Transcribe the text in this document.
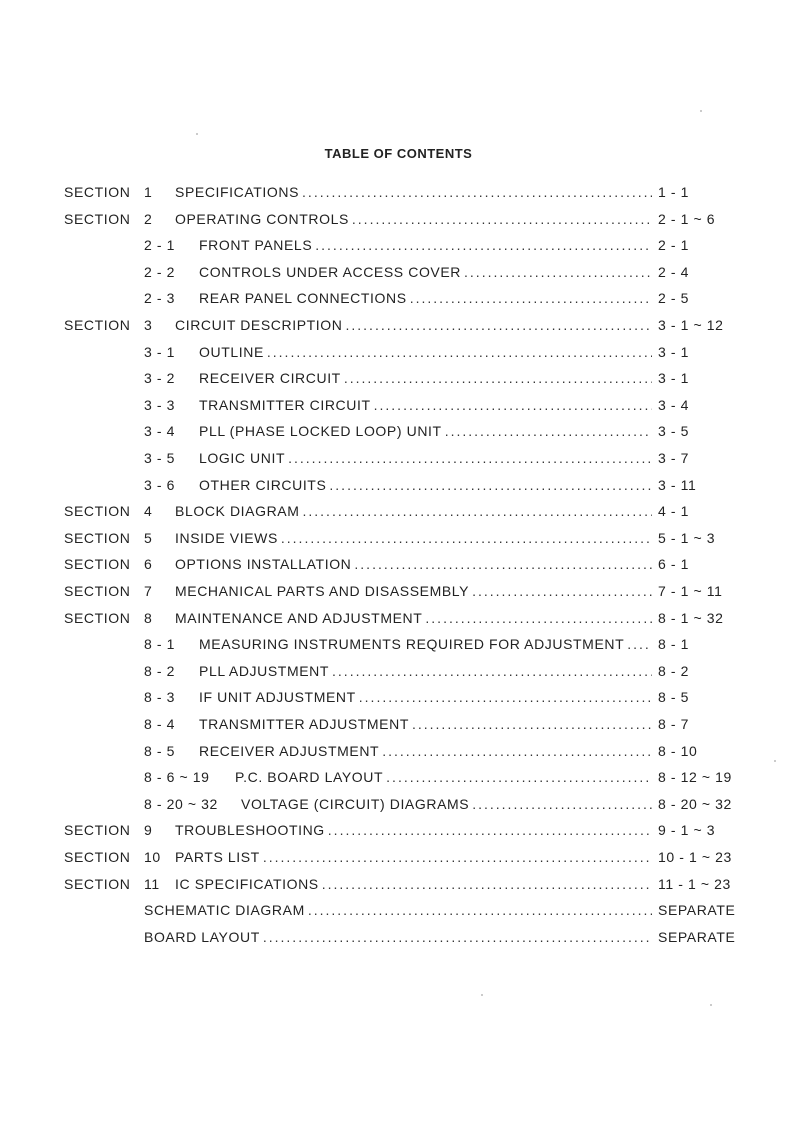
TABLE OF CONTENTS
SECTION 1 SPECIFICATIONS .....	1 - 1
SECTION 2 OPERATING CONTROLS .....	2 - 1 ~ 6
2 - 1 FRONT PANELS .....	2 - 1
2 - 2 CONTROLS UNDER ACCESS COVER .....	2 - 4
2 - 3 REAR PANEL CONNECTIONS .....	2 - 5
SECTION 3 CIRCUIT DESCRIPTION .....	3 - 1 ~ 12
3 - 1 OUTLINE .....	3 - 1
3 - 2 RECEIVER CIRCUIT .....	3 - 1
3 - 3 TRANSMITTER CIRCUIT .....	3 - 4
3 - 4 PLL (PHASE LOCKED LOOP) UNIT .....	3 - 5
3 - 5 LOGIC UNIT .....	3 - 7
3 - 6 OTHER CIRCUITS .....	3 - 11
SECTION 4 BLOCK DIAGRAM .....	4 - 1
SECTION 5 INSIDE VIEWS .....	5 - 1 ~ 3
SECTION 6 OPTIONS INSTALLATION .....	6 - 1
SECTION 7 MECHANICAL PARTS AND DISASSEMBLY .....	7 - 1 ~ 11
SECTION 8 MAINTENANCE AND ADJUSTMENT .....	8 - 1 ~ 32
8 - 1 MEASURING INSTRUMENTS REQUIRED FOR ADJUSTMENT ..... 8 - 1
8 - 2 PLL ADJUSTMENT .....	8 - 2
8 - 3 IF UNIT ADJUSTMENT .....	8 - 5
8 - 4 TRANSMITTER ADJUSTMENT .....	8 - 7
8 - 5 RECEIVER ADJUSTMENT .....	8 - 10
8 - 6 ~ 19 P.C. BOARD LAYOUT .....	8 - 12 ~ 19
8 - 20 ~ 32 VOLTAGE (CIRCUIT) DIAGRAMS .....	8 - 20 ~ 32
SECTION 9 TROUBLESHOOTING .....	9 - 1 ~ 3
SECTION 10 PARTS LIST .....	10 - 1 ~ 23
SECTION 11 IC SPECIFICATIONS .....	11 - 1 ~ 23
SCHEMATIC DIAGRAM .....	SEPARATE
BOARD LAYOUT .....	SEPARATE
